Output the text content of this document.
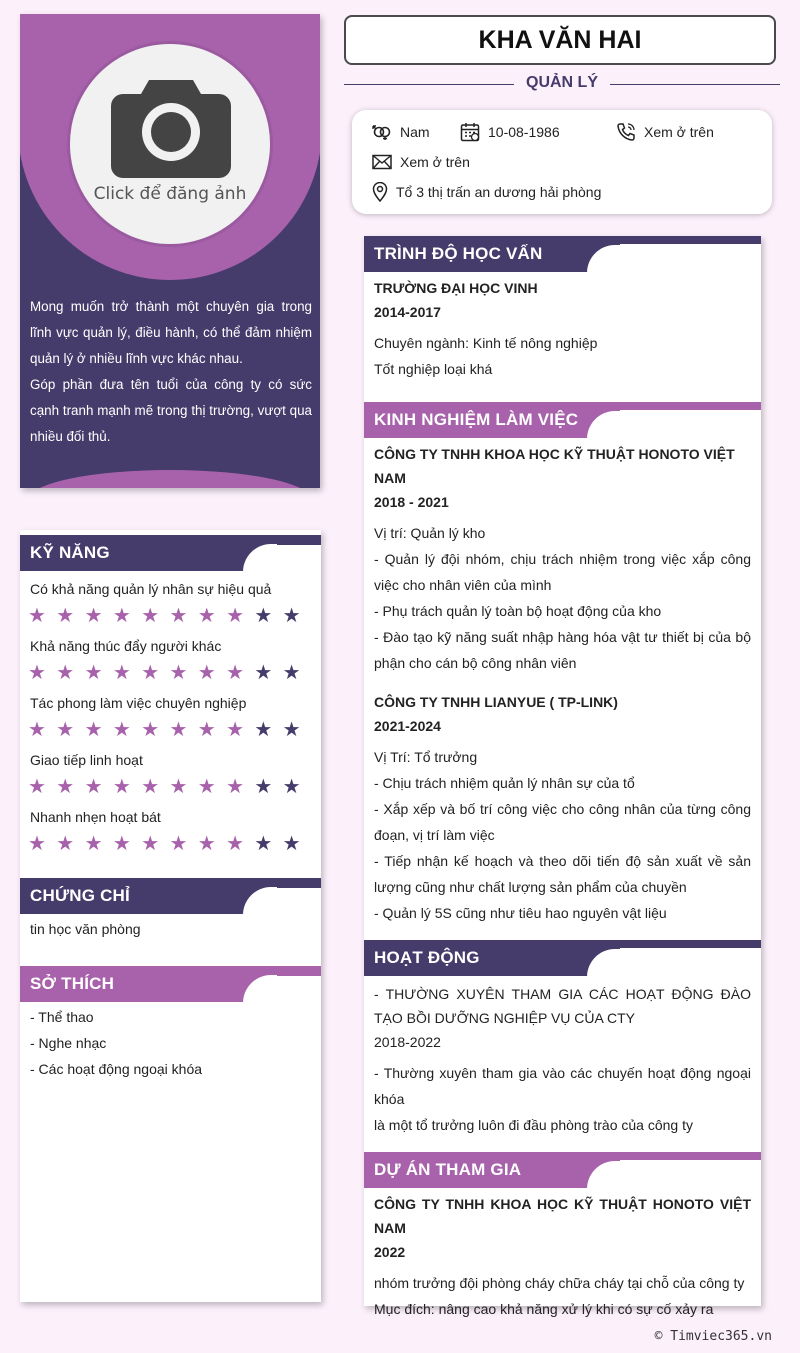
Click để đăng ảnh

Mong muốn trở thành một chuyên gia trong lĩnh vực quản lý, điều hành, có thể đảm nhiệm quản lý ở nhiều lĩnh vực khác nhau.

Góp phần đưa tên tuổi của công ty có sức cạnh tranh mạnh mẽ trong thị trường, vượt qua nhiều đối thủ.

KỸ NĂNG
Có khả năng quản lý nhân sự hiệu quả
★ ★ ★ ★ ★ ★ ★ ★ ★ ★
Khả năng thúc đẩy người khác
★ ★ ★ ★ ★ ★ ★ ★ ★ ★
Tác phong làm việc chuyên nghiệp
★ ★ ★ ★ ★ ★ ★ ★ ★ ★
Giao tiếp linh hoạt
★ ★ ★ ★ ★ ★ ★ ★ ★ ★
Nhanh nhẹn hoạt bát
★ ★ ★ ★ ★ ★ ★ ★ ★ ★
CHỨNG CHỈ
tin học văn phòng
SỞ THÍCH
- Thể thao
- Nghe nhạc
- Các hoạt động ngoại khóa
KHA VĂN HAI
QUẢN LÝ
Nam	10-08-1986	Xem ở trên
Xem ở trên
Tổ 3 thị trấn an dương hải phòng
TRÌNH ĐỘ HỌC VẤN
TRƯỜNG ĐẠI HỌC VINH
2014-2017
Chuyên ngành: Kinh tế nông nghiệp
Tốt nghiệp loại khá
KINH NGHIỆM LÀM VIỆC
CÔNG TY TNHH KHOA HỌC KỸ THUẬT HONOTO VIỆT NAM
2018 - 2021
Vị trí: Quản lý kho
- Quản lý đội nhóm, chịu trách nhiệm trong việc xắp công việc cho nhân viên của mình
- Phụ trách quản lý toàn bộ hoạt động của kho
- Đào tạo kỹ năng suất nhập hàng hóa vật tư thiết bị của bộ phận cho cán bộ công nhân viên
CÔNG TY TNHH LIANYUE ( TP-LINK)
2021-2024
Vị Trí: Tổ trưởng
- Chịu trách nhiệm quản lý nhân sự của tổ
- Xắp xếp và bố trí công việc cho công nhân của từng công đoạn, vị trí làm việc
- Tiếp nhận kế hoạch và theo dõi tiến độ sản xuất về sản lượng cũng như chất lượng sản phẩm của chuyền
- Quản lý 5S cũng như tiêu hao nguyên vật liệu
HOẠT ĐỘNG
- THƯỜNG XUYÊN THAM GIA CÁC HOẠT ĐỘNG ĐÀO TẠO BỒI DƯỠNG NGHIỆP VỤ CỦA CTY
2018-2022
- Thường xuyên tham gia vào các chuyến hoạt động ngoại khóa
là một tổ trưởng luôn đi đầu phòng trào của công ty
DỰ ÁN THAM GIA
CÔNG TY TNHH KHOA HỌC KỸ THUẬT HONOTO VIỆT NAM
2022
nhóm trưởng đội phòng cháy chữa cháy tại chỗ của công ty
Mục đích: nâng cao khả năng xử lý khi có sự cố xảy ra
© Timviec365.vn
